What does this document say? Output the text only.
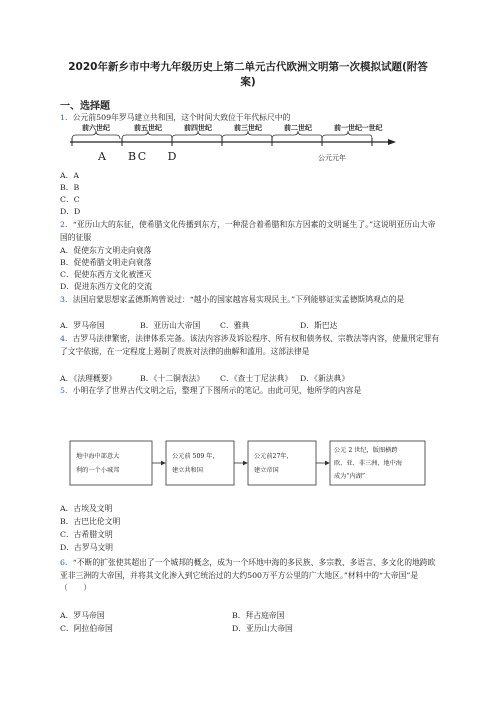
2020年新乡市中考九年级历史上第二单元古代欧洲文明第一次模拟试题(附答案)
一、选择题
1．公元前509年罗马建立共和国，这个时间大致位于年代标尺中的
前六世纪	前五世纪	前四世纪	前三世纪	前二世纪	前一世纪 一世纪
A B C D	公元元年
A．A
B．B
C．C
D．D
2．“亚历山大的东征，使希腊文化传播到东方，一种混合着希腊和东方因素的文明诞生了。”这说明亚历山大帝国的征服
A．促使东方文明走向衰落
B．促使希腊文明走向衰落
C．促使东西方文化被湮灭
D．促进东西方文化的交流
3．法国启蒙思想家孟德斯鸠曾说过：“越小的国家越容易实现民主。”下列能够证实孟德斯鸠观点的是
A．罗马帝国	B．亚历山大帝国	C．雅典	D．斯巴达
4．古罗马法律繁密，法律体系完备。该法内容涉及诉讼程序、所有权和债务权、宗教法等内容，使量刑定罪有了文字依据，在一定程度上遏制了贵族对法律的曲解和滥用。这部法律是
A．《法理概要》	B．《十二铜表法》 C．《查士丁尼法典》 D．《新法典》
5．小明在学了世界古代文明之后，整理了下图所示的笔记。由此可见，他所学的内容是
地中海中部意大
利的一个小城邦
公元前 509 年，
建立共和国
公元前27年，
建立帝国
公元 2 世纪，版图横跨
欧、亚、非三洲，地中海
成为“内湖”
A．古埃及文明
B．古巴比伦文明
C．古希腊文明
D．古罗马文明
6．“不断的扩张使其超出了一个城邦的概念，成为一个环地中海的多民族、多宗教、多语言、多文化的地跨欧亚非三洲的大帝国，并将其文化渗入到它统治过的大约500万平方公里的广大地区。”材料中的“大帝国”是（　　）
A．罗马帝国	B．拜占庭帝国
C．阿拉伯帝国	D．亚历山大帝国
